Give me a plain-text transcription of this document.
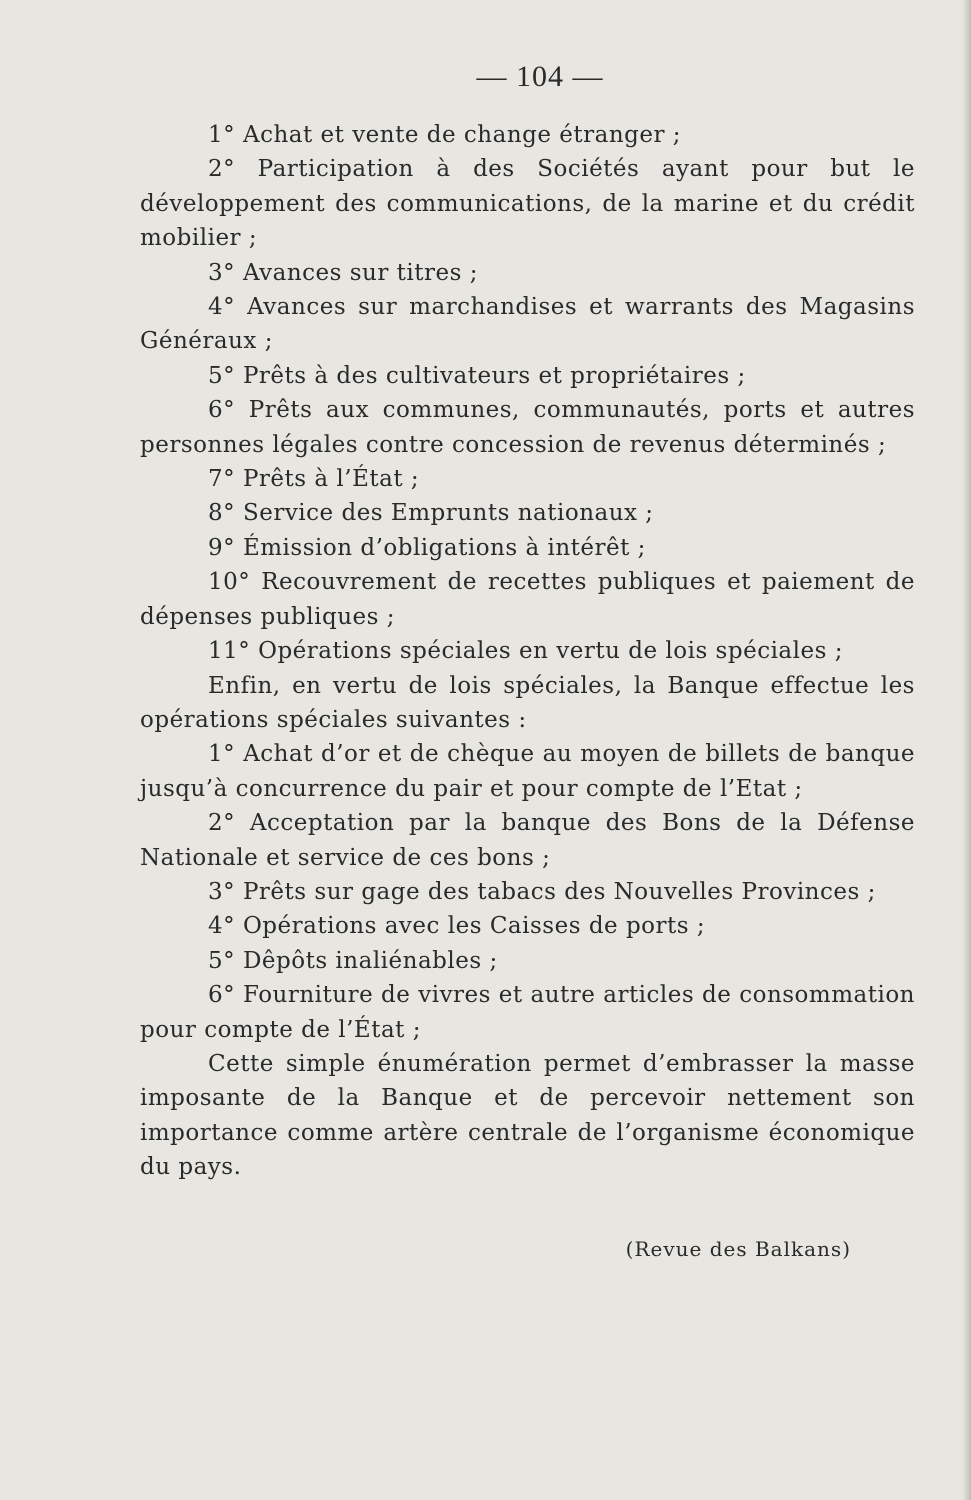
— 104 —

1° Achat et vente de change étranger ;

2° Participation à des Sociétés ayant pour but le développement des communications, de la marine et du crédit mobilier ;

3° Avances sur titres ;

4° Avances sur marchandises et warrants des Magasins Généraux ;

5° Prêts à des cultivateurs et propriétaires ;

6° Prêts aux communes, communautés, ports et autres personnes légales contre concession de revenus déterminés ;

7° Prêts à l’État ;

8° Service des Emprunts nationaux ;

9° Émission d’obligations à intérêt ;

10° Recouvrement de recettes publiques et paiement de dépenses publiques ;

11° Opérations spéciales en vertu de lois spéciales ;

Enfin, en vertu de lois spéciales, la Banque effectue les opérations spéciales suivantes :

1° Achat d’or et de chèque au moyen de billets de banque jusqu’à concurrence du pair et pour compte de l’Etat ;

2° Acceptation par la banque des Bons de la Défense Nationale et service de ces bons ;

3° Prêts sur gage des tabacs des Nouvelles Provinces ;

4° Opérations avec les Caisses de ports ;

5° Dêpôts inaliénables ;

6° Fourniture de vivres et autre articles de consommation pour compte de l’État ;

Cette simple énumération permet d’embrasser la masse imposante de la Banque et de percevoir nettement son importance comme artère centrale de l’organisme économique du pays.

(Revue des Balkans)
